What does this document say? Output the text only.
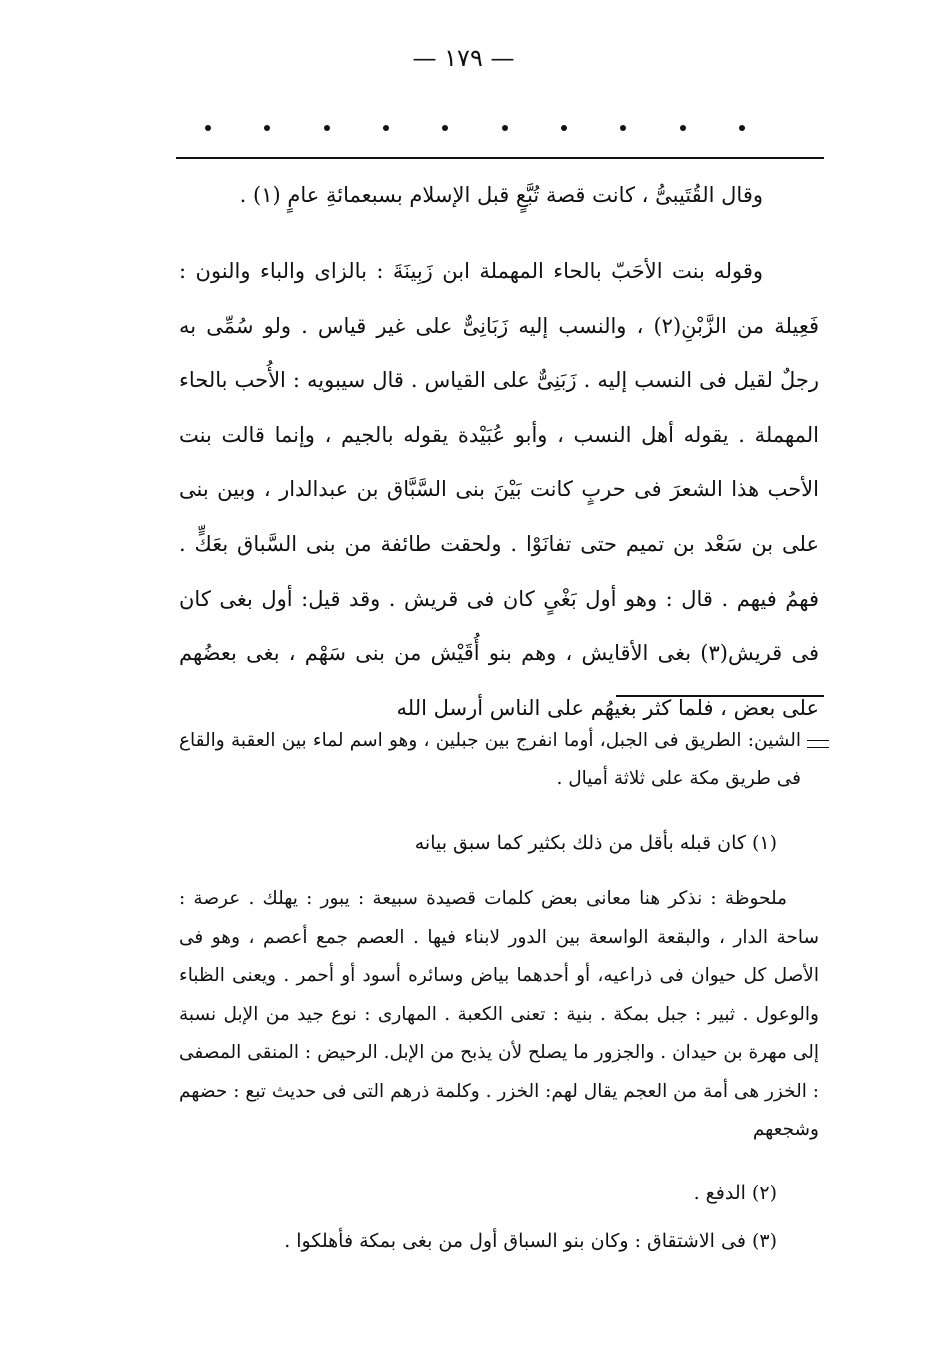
— ١٧٩ —
وقال القُتَيبىُّ ، كانت قصة تُبَّعٍ قبل الإسلام بسبعمائةِ عامٍ (١) .
وقوله بنت الأحَبّ بالحاء المهملة ابن زَبِينَةَ : بالزاى والباء والنون : فَعِيلة من الزَّبْنِ(٢) ، والنسب إليه زَبَانِىٌّ على غير قياس . ولو سُمِّى به رجلٌ لقيل فى النسب إليه . زَبَنِىٌّ على القياس . قال سيبويه : الأُحب بالحاء المهملة . يقوله أهل النسب ، وأبو عُبَيْدة يقوله بالجيم ، وإنما قالت بنت الأحب هذا الشعرَ فى حربٍ كانت بَيْنَ بنى السَّبَّاق بن عبدالدار ، وبين بنى على بن سَعْد بن تميم حتى تفانَوْا . ولحقت طائفة من بنى السَّباق بعَكٍّ . فهمُ فيهم . قال : وهو أول بَغْىٍ كان فى قريش . وقد قيل: أول بغى كان فى قريش(٣) بغى الأقايش ، وهم بنو أُقَيْش من بنى سَهْم ، بغى بعضُهم على بعض ، فلما كثر بغيهُم على الناس أرسل الله
الشين: الطريق فى الجبل، أوما انفرج بين جبلين ، وهو اسم لماء بين العقبة والقاع فى طريق مكة على ثلاثة أميال .
(١) كان قبله بأقل من ذلك بكثير كما سبق بيانه
ملحوظة : نذكر هنا معانى بعض كلمات قصيدة سبيعة : يبور : يهلك . عرصة : ساحة الدار ، والبقعة الواسعة بين الدور لابناء فيها . العصم جمع أعصم ، وهو فى الأصل كل حيوان فى ذراعيه، أو أحدهما بياض وسائره أسود أو أحمر . ويعنى الظباء والوعول . ثبير : جبل بمكة . بنية : تعنى الكعبة . المهارى : نوع جيد من الإبل نسبة إلى مهرة بن حيدان . والجزور ما يصلح لأن يذبح من الإبل. الرحيض : المنقى المصفى : الخزر هى أمة من العجم يقال لهم: الخزر . وكلمة ذرهم التى فى حديث تبع : حضهم وشجعهم
(٢) الدفع .
(٣) فى الاشتقاق : وكان بنو السباق أول من بغى بمكة فأهلكوا .
